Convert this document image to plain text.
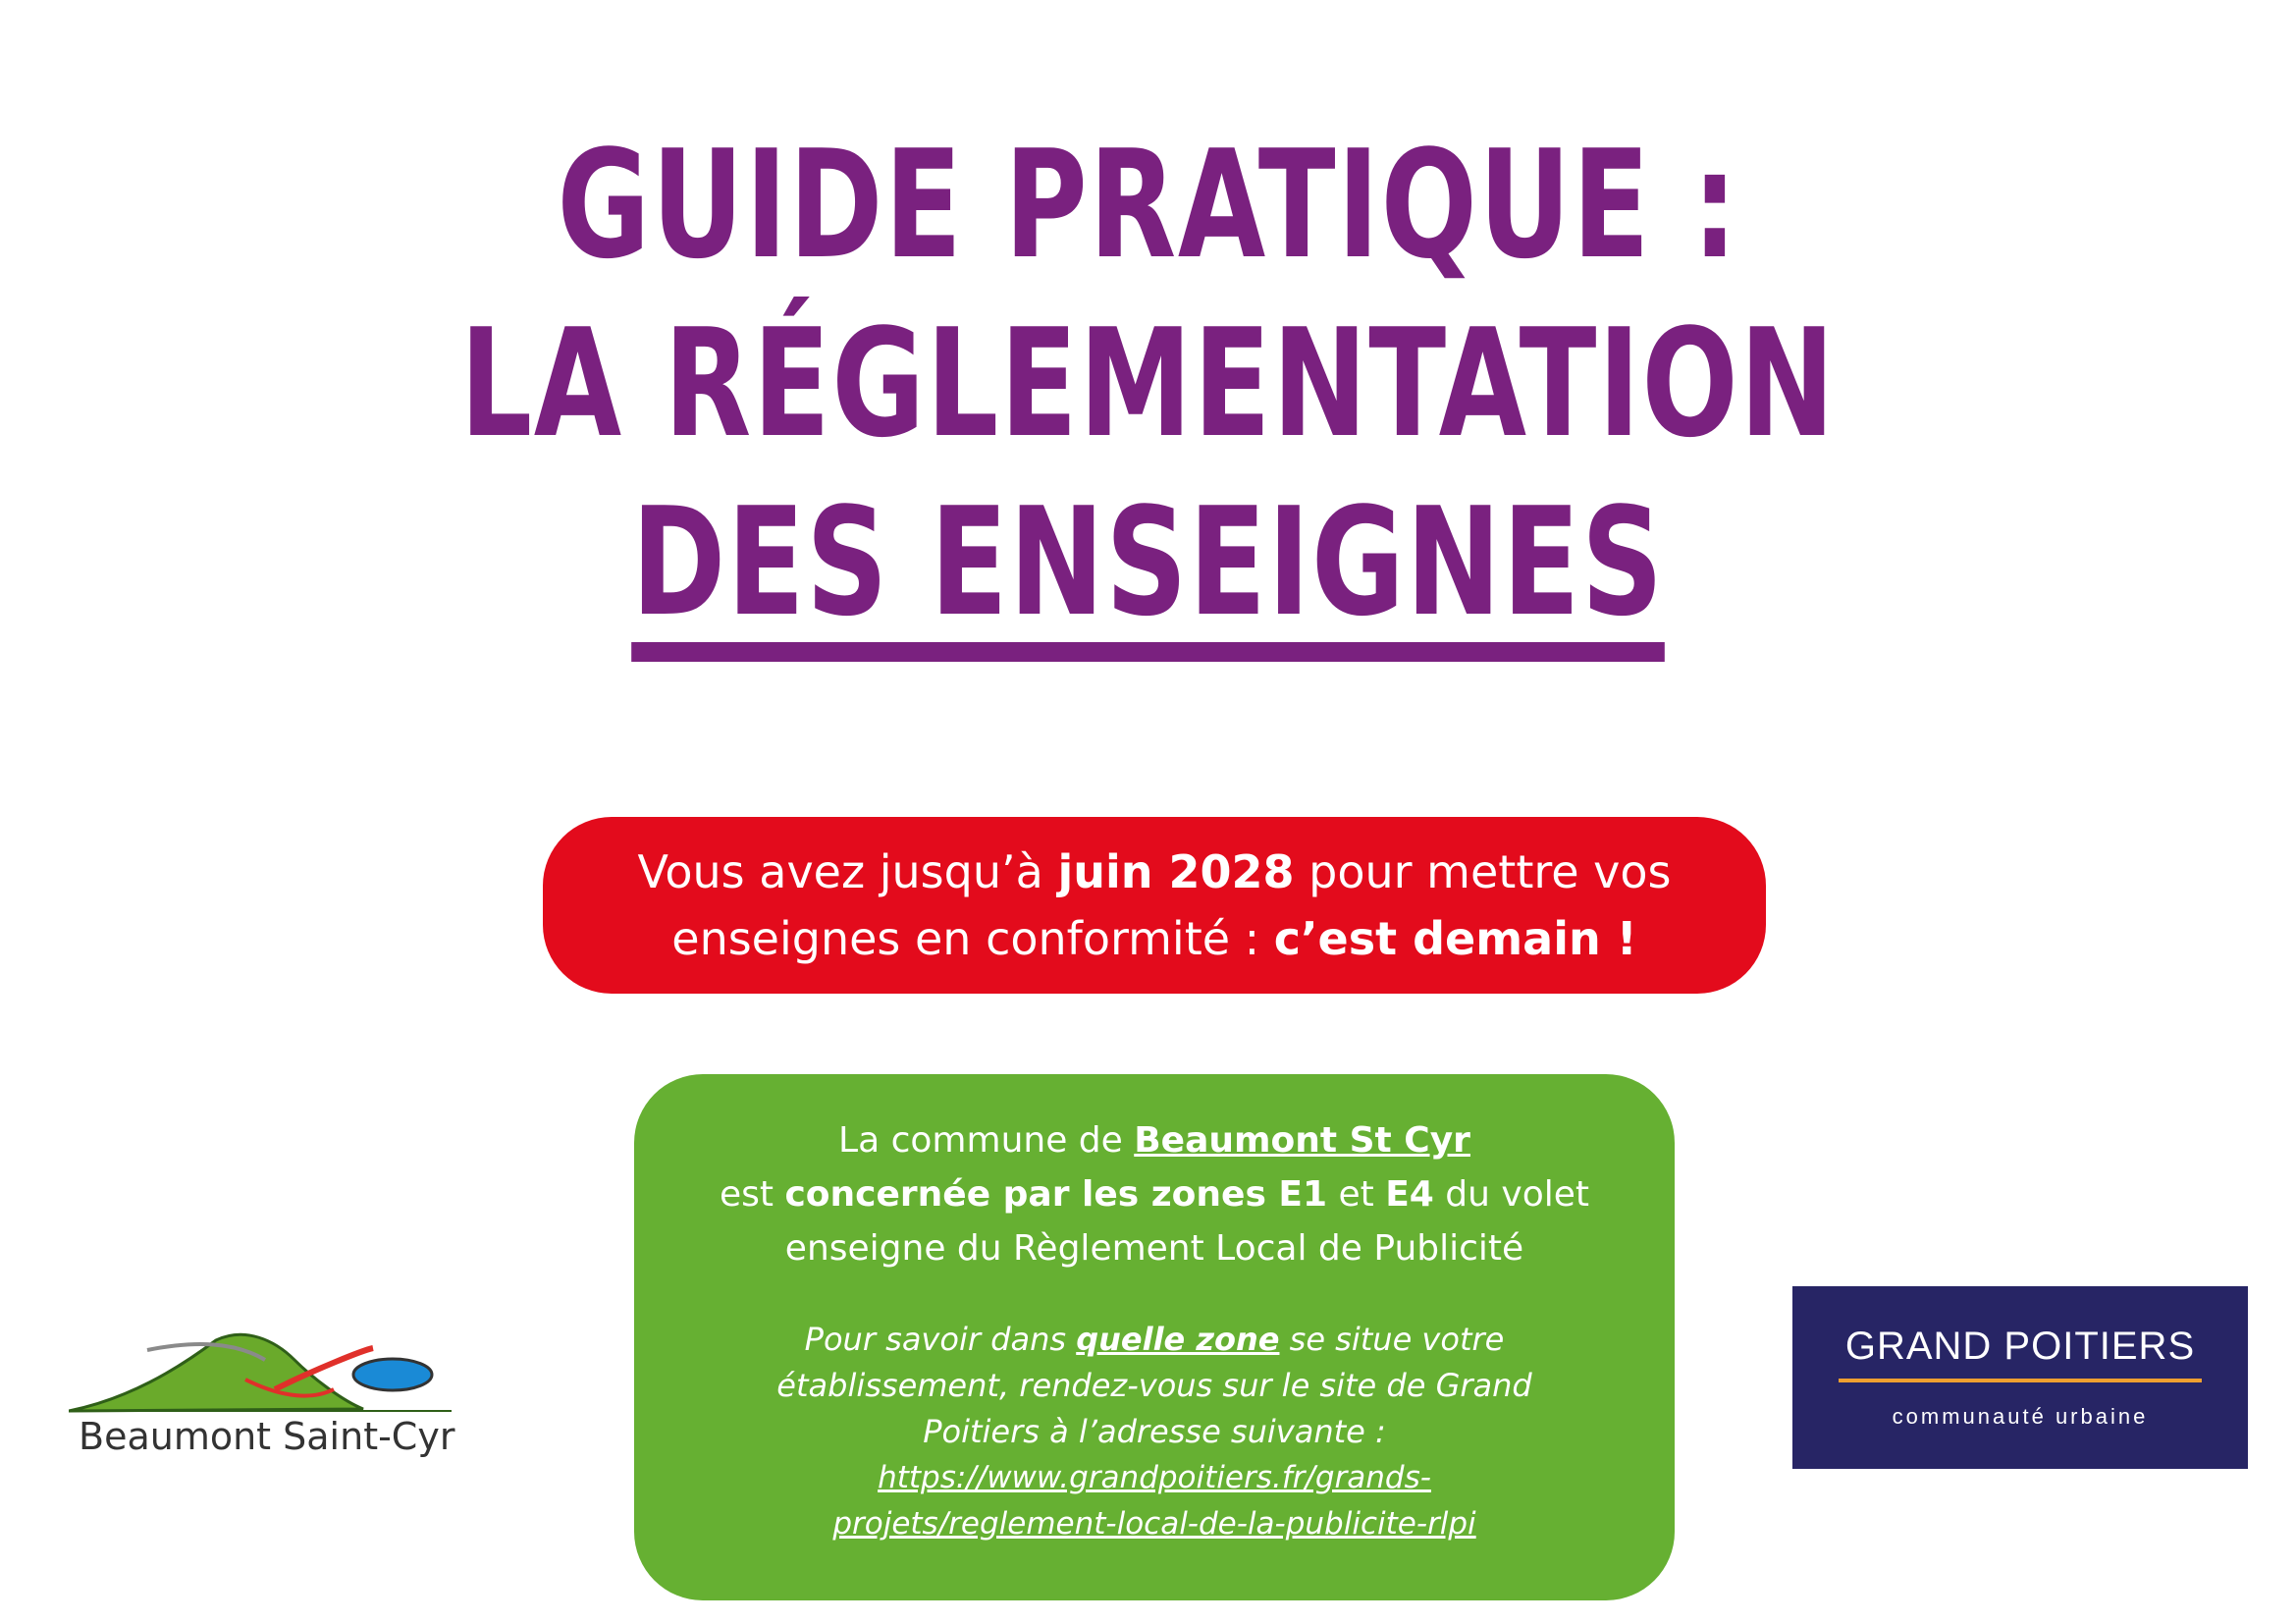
GUIDE PRATIQUE :
LA RÉGLEMENTATION
DES ENSEIGNES
Vous avez jusqu’à juin 2028 pour mettre vos
enseignes en conformité : c’est demain !
La commune de Beaumont St Cyr
est concernée par les zones E1 et E4 du volet
enseigne du Règlement Local de Publicité
Pour savoir dans quelle zone se situe votre
établissement, rendez-vous sur le site de Grand
Poitiers à l’adresse suivante :
https://www.grandpoitiers.fr/grands-
projets/reglement-local-de-la-publicite-rlpi
Beaumont Saint-Cyr
GRAND POITIERS
communauté urbaine
